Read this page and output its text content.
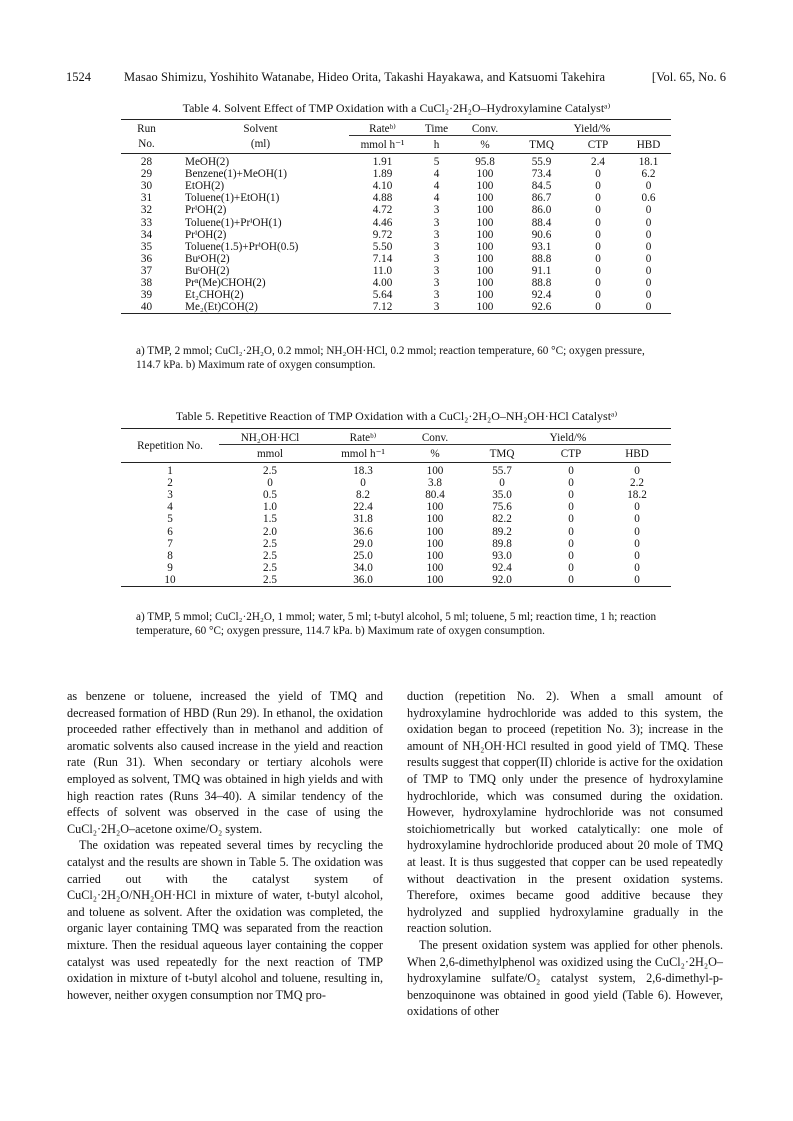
1524	Masao Shimizu, Yoshihito Watanabe, Hideo Orita, Takashi Hayakawa, and Katsuomi Takehira	[Vol. 65, No. 6
Table 4. Solvent Effect of TMP Oxidation with a CuCl₂·2H₂O–Hydroxylamine Catalystᵃ⁾
Run	Solvent	Rateᵇ⁾	Time	Conv.	Yield/%		
No.	(ml)	mmol h⁻¹	h	%	TMQ	CTP	HBD
28	MeOH(2)	1.91	5	95.8	55.9	2.4	18.1
29	Benzene(1)+MeOH(1)	1.89	4	100	73.4	0	6.2
30	EtOH(2)	4.10	4	100	84.5	0	0
31	Toluene(1)+EtOH(1)	4.88	4	100	86.7	0	0.6
32	PrⁱOH(2)	4.72	3	100	86.0	0	0
33	Toluene(1)+PrⁱOH(1)	4.46	3	100	88.4	0	0
34	PrⁱOH(2)	9.72	3	100	90.6	0	0
35	Toluene(1.5)+PrⁱOH(0.5)	5.50	3	100	93.1	0	0
36	BuˢOH(2)	7.14	3	100	88.8	0	0
37	BuᵗOH(2)	11.0	3	100	91.1	0	0
38	Prⁿ(Me)CHOH(2)	4.00	3	100	88.8	0	0
39	Et₂CHOH(2)	5.64	3	100	92.4	0	0
40	Me₂(Et)COH(2)	7.12	3	100	92.6	0	0
a) TMP, 2 mmol; CuCl₂·2H₂O, 0.2 mmol; NH₂OH·HCl, 0.2 mmol; reaction temperature, 60 °C; oxygen pressure, 114.7 kPa. b) Maximum rate of oxygen consumption.
Table 5. Repetitive Reaction of TMP Oxidation with a CuCl₂·2H₂O–NH₂OH·HCl Catalystᵃ⁾
Repetition No.	NH₂OH·HCl	Rateᵇ⁾	Conv.	Yield/%		
	mmol	mmol h⁻¹	%	TMQ	CTP	HBD
1	2.5	18.3	100	55.7	0	0
2	0	0	3.8	0	0	2.2
3	0.5	8.2	80.4	35.0	0	18.2
4	1.0	22.4	100	75.6	0	0
5	1.5	31.8	100	82.2	0	0
6	2.0	36.6	100	89.2	0	0
7	2.5	29.0	100	89.8	0	0
8	2.5	25.0	100	93.0	0	0
9	2.5	34.0	100	92.4	0	0
10	2.5	36.0	100	92.0	0	0
a) TMP, 5 mmol; CuCl₂·2H₂O, 1 mmol; water, 5 ml; t-butyl alcohol, 5 ml; toluene, 5 ml; reaction time, 1 h; reaction temperature, 60 °C; oxygen pressure, 114.7 kPa. b) Maximum rate of oxygen consumption.

as benzene or toluene, increased the yield of TMQ and decreased formation of HBD (Run 29). In ethanol, the oxidation proceeded rather effectively than in methanol and addition of aromatic solvents also caused increase in the yield and reaction rate (Run 31). When secondary or tertiary alcohols were employed as solvent, TMQ was obtained in high yields and with high reaction rates (Runs 34–40). A similar tendency of the effects of solvent was observed in the case of using the CuCl₂·2H₂O–acetone oxime/O₂ system.

The oxidation was repeated several times by recycling the catalyst and the results are shown in Table 5. The oxidation was carried out with the catalyst system of CuCl₂·2H₂O/NH₂OH·HCl in mixture of water, t-butyl alcohol, and toluene as solvent. After the oxidation was completed, the organic layer containing TMQ was separated from the reaction mixture. Then the residual aqueous layer containing the copper catalyst was used repeatedly for the next reaction of TMP oxidation in mixture of t-butyl alcohol and toluene, resulting in, however, neither oxygen consumption nor TMQ pro-

duction (repetition No. 2). When a small amount of hydroxylamine hydrochloride was added to this system, the oxidation began to proceed (repetition No. 3); increase in the amount of NH₂OH·HCl resulted in good yield of TMQ. These results suggest that copper(II) chloride is active for the oxidation of TMP to TMQ only under the presence of hydroxylamine hydrochloride, which was consumed during the oxidation. However, hydroxylamine hydrochloride was not consumed stoichiometrically but worked catalytically: one mole of hydroxylamine hydrochloride produced about 20 mole of TMQ at least. It is thus suggested that copper can be used repeatedly without deactivation in the present oxidation systems. Therefore, oximes became good additive because they hydrolyzed and supplied hydroxylamine gradually in the reaction solution.

The present oxidation system was applied for other phenols. When 2,6-dimethylphenol was oxidized using the CuCl₂·2H₂O–hydroxylamine sulfate/O₂ catalyst system, 2,6-dimethyl-p-benzoquinone was obtained in good yield (Table 6). However, oxidations of other
